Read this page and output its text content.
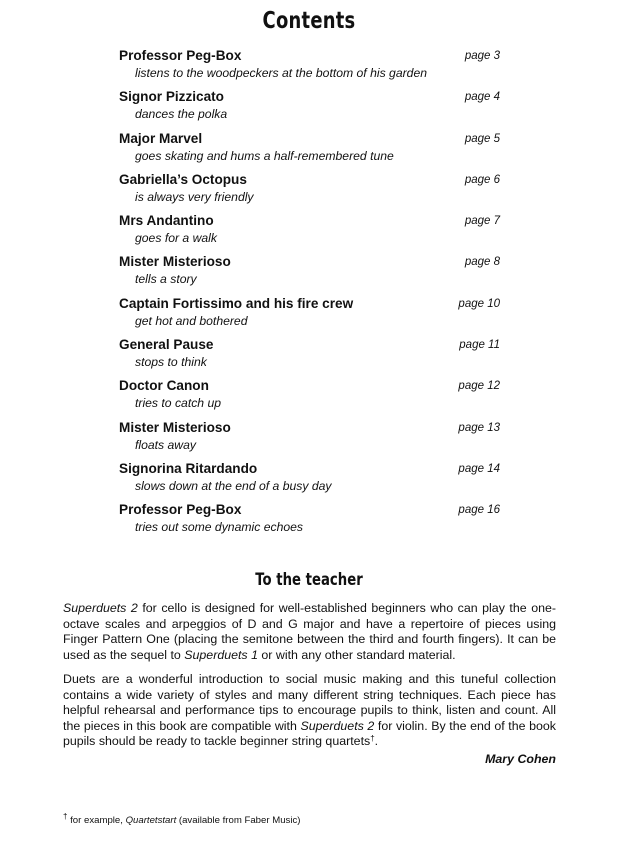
Contents
Professor Peg-Box	page 3
listens to the woodpeckers at the bottom of his garden
Signor Pizzicato	page 4
dances the polka
Major Marvel	page 5
goes skating and hums a half-remembered tune
Gabriella’s Octopus	page 6
is always very friendly
Mrs Andantino	page 7
goes for a walk
Mister Misterioso	page 8
tells a story
Captain Fortissimo and his fire crew	page 10
get hot and bothered
General Pause	page 11
stops to think
Doctor Canon	page 12
tries to catch up
Mister Misterioso	page 13
floats away
Signorina Ritardando	page 14
slows down at the end of a busy day
Professor Peg-Box	page 16
tries out some dynamic echoes
To the teacher

Superduets 2 for cello is designed for well-established beginners who can play the one-octave scales and arpeggios of D and G major and have a repertoire of pieces using Finger Pattern One (placing the semitone between the third and fourth fingers). It can be used as the sequel to Superduets 1 or with any other standard material.

Duets are a wonderful introduction to social music making and this tuneful collection contains a wide variety of styles and many different string techniques. Each piece has helpful rehearsal and performance tips to encourage pupils to think, listen and count. All the pieces in this book are compatible with Superduets 2 for violin. By the end of the book pupils should be ready to tackle beginner string quartets†.

Mary Cohen

† for example, Quartetstart (available from Faber Music)
